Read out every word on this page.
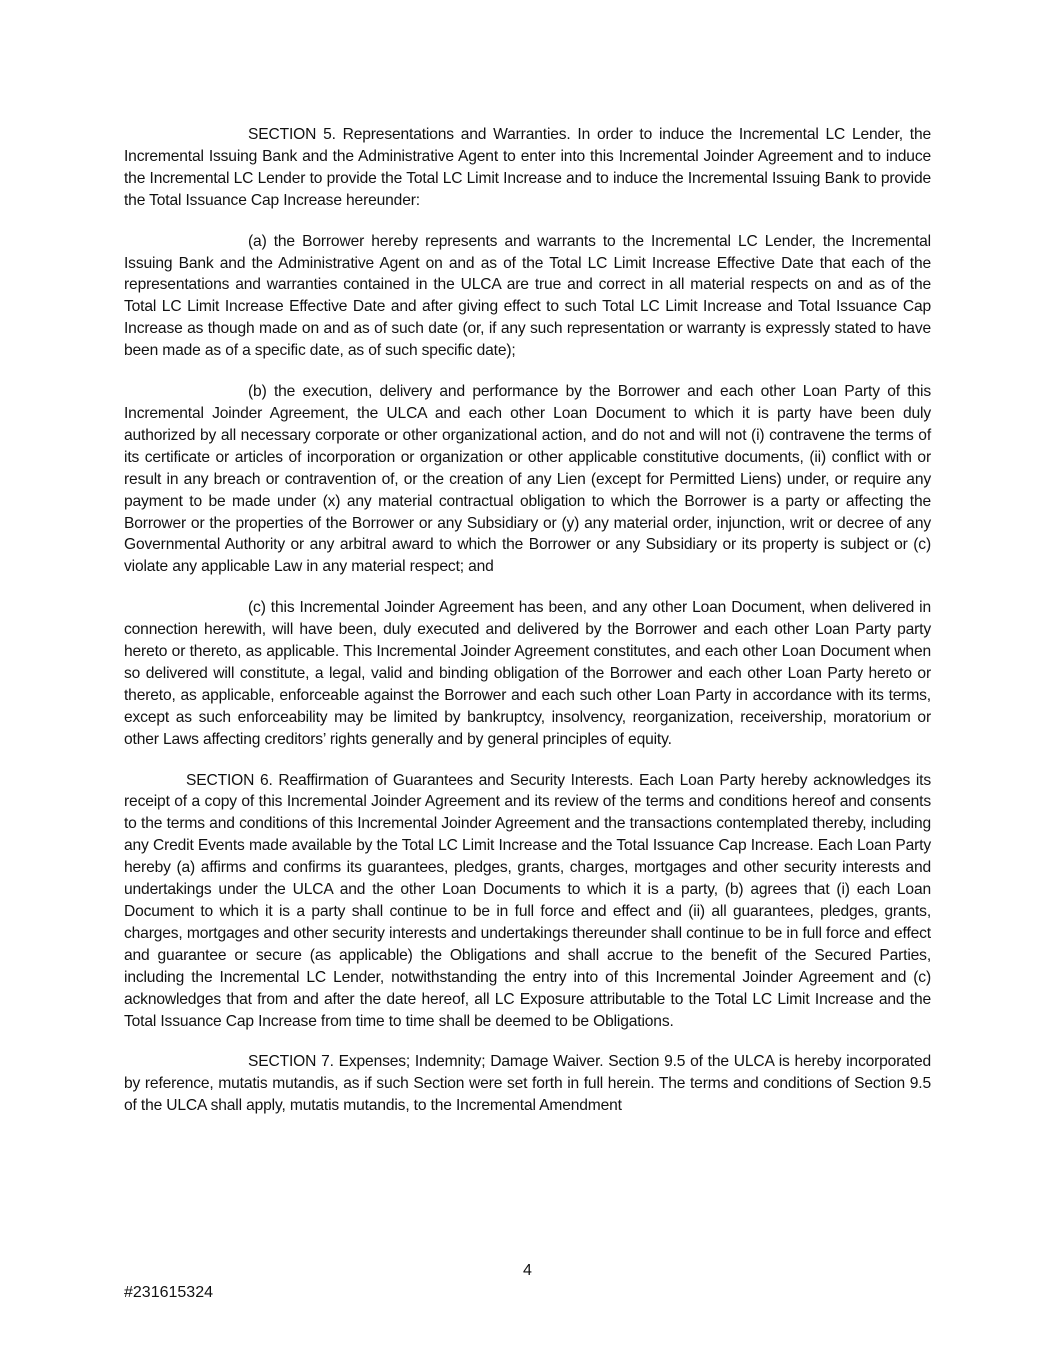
SECTION 5. Representations and Warranties. In order to induce the Incremental LC Lender, the Incremental Issuing Bank and the Administrative Agent to enter into this Incremental Joinder Agreement and to induce the Incremental LC Lender to provide the Total LC Limit Increase and to induce the Incremental Issuing Bank to provide the Total Issuance Cap Increase hereunder:

(a) the Borrower hereby represents and warrants to the Incremental LC Lender, the Incremental Issuing Bank and the Administrative Agent on and as of the Total LC Limit Increase Effective Date that each of the representations and warranties contained in the ULCA are true and correct in all material respects on and as of the Total LC Limit Increase Effective Date and after giving effect to such Total LC Limit Increase and Total Issuance Cap Increase as though made on and as of such date (or, if any such representation or warranty is expressly stated to have been made as of a specific date, as of such specific date);

(b) the execution, delivery and performance by the Borrower and each other Loan Party of this Incremental Joinder Agreement, the ULCA and each other Loan Document to which it is party have been duly authorized by all necessary corporate or other organizational action, and do not and will not (i) contravene the terms of its certificate or articles of incorporation or organization or other applicable constitutive documents, (ii) conflict with or result in any breach or contravention of, or the creation of any Lien (except for Permitted Liens) under, or require any payment to be made under (x) any material contractual obligation to which the Borrower is a party or affecting the Borrower or the properties of the Borrower or any Subsidiary or (y) any material order, injunction, writ or decree of any Governmental Authority or any arbitral award to which the Borrower or any Subsidiary or its property is subject or (c) violate any applicable Law in any material respect; and

(c) this Incremental Joinder Agreement has been, and any other Loan Document, when delivered in connection herewith, will have been, duly executed and delivered by the Borrower and each other Loan Party party hereto or thereto, as applicable. This Incremental Joinder Agreement constitutes, and each other Loan Document when so delivered will constitute, a legal, valid and binding obligation of the Borrower and each other Loan Party hereto or thereto, as applicable, enforceable against the Borrower and each such other Loan Party in accordance with its terms, except as such enforceability may be limited by bankruptcy, insolvency, reorganization, receivership, moratorium or other Laws affecting creditors’ rights generally and by general principles of equity.

SECTION 6. Reaffirmation of Guarantees and Security Interests. Each Loan Party hereby acknowledges its receipt of a copy of this Incremental Joinder Agreement and its review of the terms and conditions hereof and consents to the terms and conditions of this Incremental Joinder Agreement and the transactions contemplated thereby, including any Credit Events made available by the Total LC Limit Increase and the Total Issuance Cap Increase. Each Loan Party hereby (a) affirms and confirms its guarantees, pledges, grants, charges, mortgages and other security interests and undertakings under the ULCA and the other Loan Documents to which it is a party, (b) agrees that (i) each Loan Document to which it is a party shall continue to be in full force and effect and (ii) all guarantees, pledges, grants, charges, mortgages and other security interests and undertakings thereunder shall continue to be in full force and effect and guarantee or secure (as applicable) the Obligations and shall accrue to the benefit of the Secured Parties, including the Incremental LC Lender, notwithstanding the entry into of this Incremental Joinder Agreement and (c) acknowledges that from and after the date hereof, all LC Exposure attributable to the Total LC Limit Increase and the Total Issuance Cap Increase from time to time shall be deemed to be Obligations.

SECTION 7. Expenses; Indemnity; Damage Waiver. Section 9.5 of the ULCA is hereby incorporated by reference, mutatis mutandis, as if such Section were set forth in full herein. The terms and conditions of Section 9.5 of the ULCA shall apply, mutatis mutandis, to the Incremental Amendment

4
#231615324
